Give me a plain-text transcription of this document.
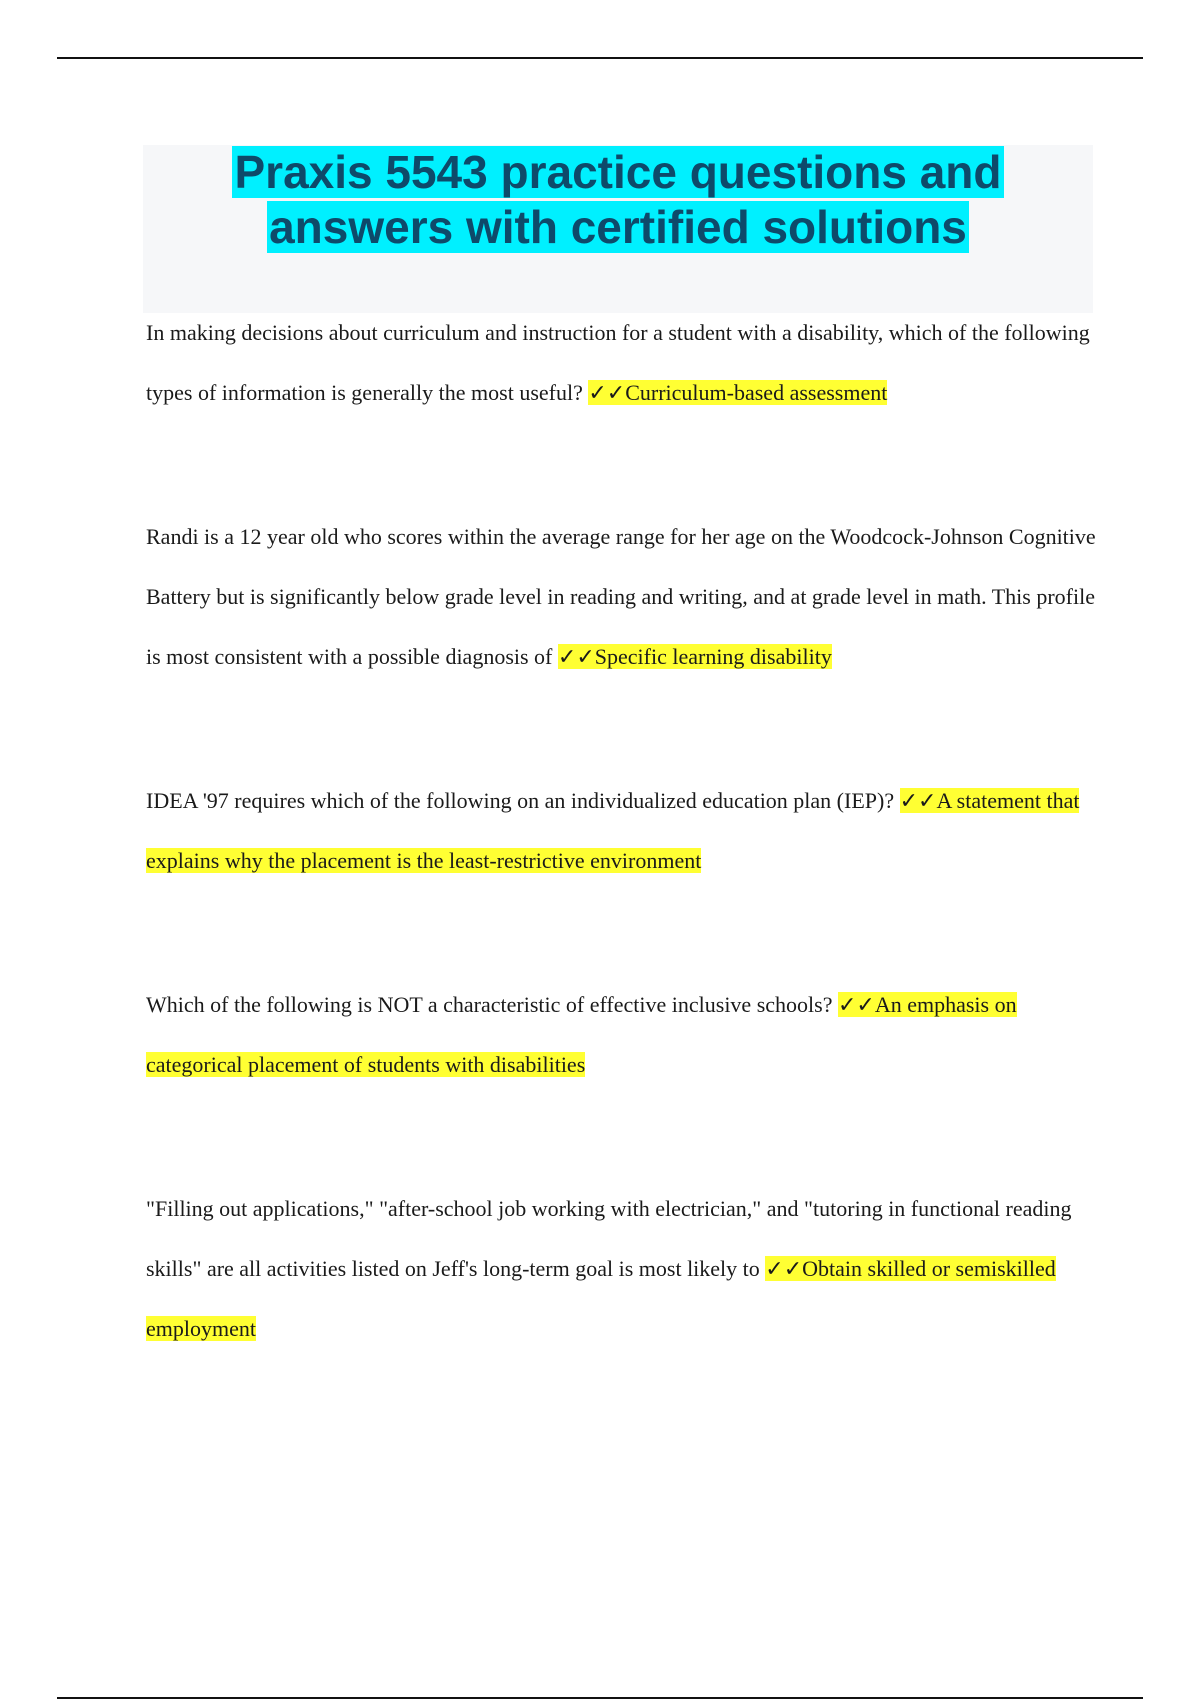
Praxis 5543 practice questions and
answers with certified solutions

In making decisions about curriculum and instruction for a student with a disability, which of the following types of information is generally the most useful? ✓✓Curriculum-based assessment

Randi is a 12 year old who scores within the average range for her age on the Woodcock-Johnson Cognitive Battery but is significantly below grade level in reading and writing, and at grade level in math. This profile is most consistent with a possible diagnosis of ✓✓Specific learning disability

IDEA '97 requires which of the following on an individualized education plan (IEP)? ✓✓A statement that explains why the placement is the least-restrictive environment

Which of the following is NOT a characteristic of effective inclusive schools? ✓✓An emphasis on categorical placement of students with disabilities

"Filling out applications," "after-school job working with electrician," and "tutoring in functional reading skills" are all activities listed on Jeff's long-term goal is most likely to ✓✓Obtain skilled or semiskilled employment
